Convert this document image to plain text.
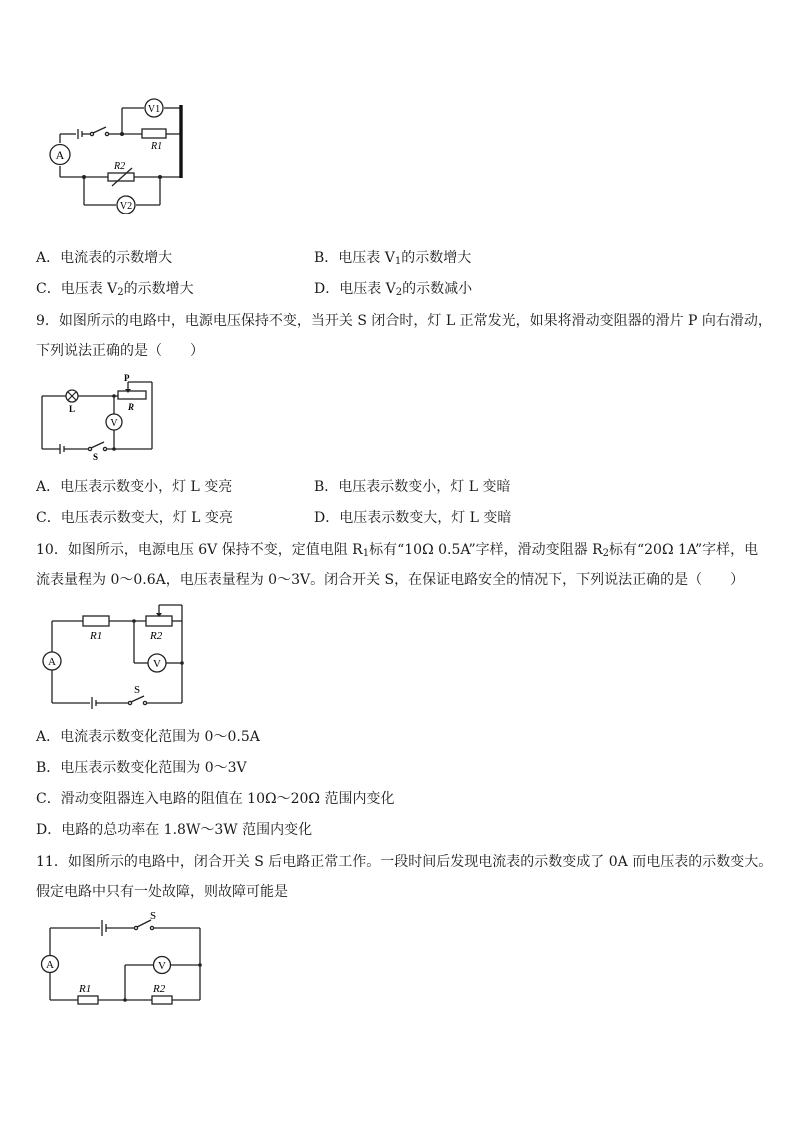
A
V1
V2
R1
R2
A．电流表的示数增大	B．电压表 $V_1$的示数增大
C．电压表 $V_2$的示数增大	D．电压表 $V_2$的示数减小
9．如图所示的电路中，电源电压保持不变，当开关 S 闭合时，灯 L 正常发光，如果将滑动变阻器的滑片 P 向右滑动，
下列说法正确的是（　　）
P
L	R
V
S
A．电压表示数变小，灯 L 变亮	B．电压表示数变小，灯 L 变暗
C．电压表示数变大，灯 L 变亮	D．电压表示数变大，灯 L 变暗
10．如图所示，电源电压 6V 保持不变，定值电阻 $R_1$标有“10Ω 0.5A”字样，滑动变阻器 $R_2$标有“20Ω 1A”字样，电
流表量程为 0～0.6A，电压表量程为 0～3V。闭合开关 S，在保证电路安全的情况下，下列说法正确的是（　　）
R1	R2
A	V
S
A．电流表示数变化范围为 0～0.5A
B．电压表示数变化范围为 0～3V
C．滑动变阻器连入电路的阻值在 10Ω～20Ω 范围内变化
D．电路的总功率在 1.8W～3W 范围内变化
11．如图所示的电路中，闭合开关 S 后电路正常工作。一段时间后发现电流表的示数变成了 0A 而电压表的示数变大。
假定电路中只有一处故障，则故障可能是
S
A	V
R1	R2
